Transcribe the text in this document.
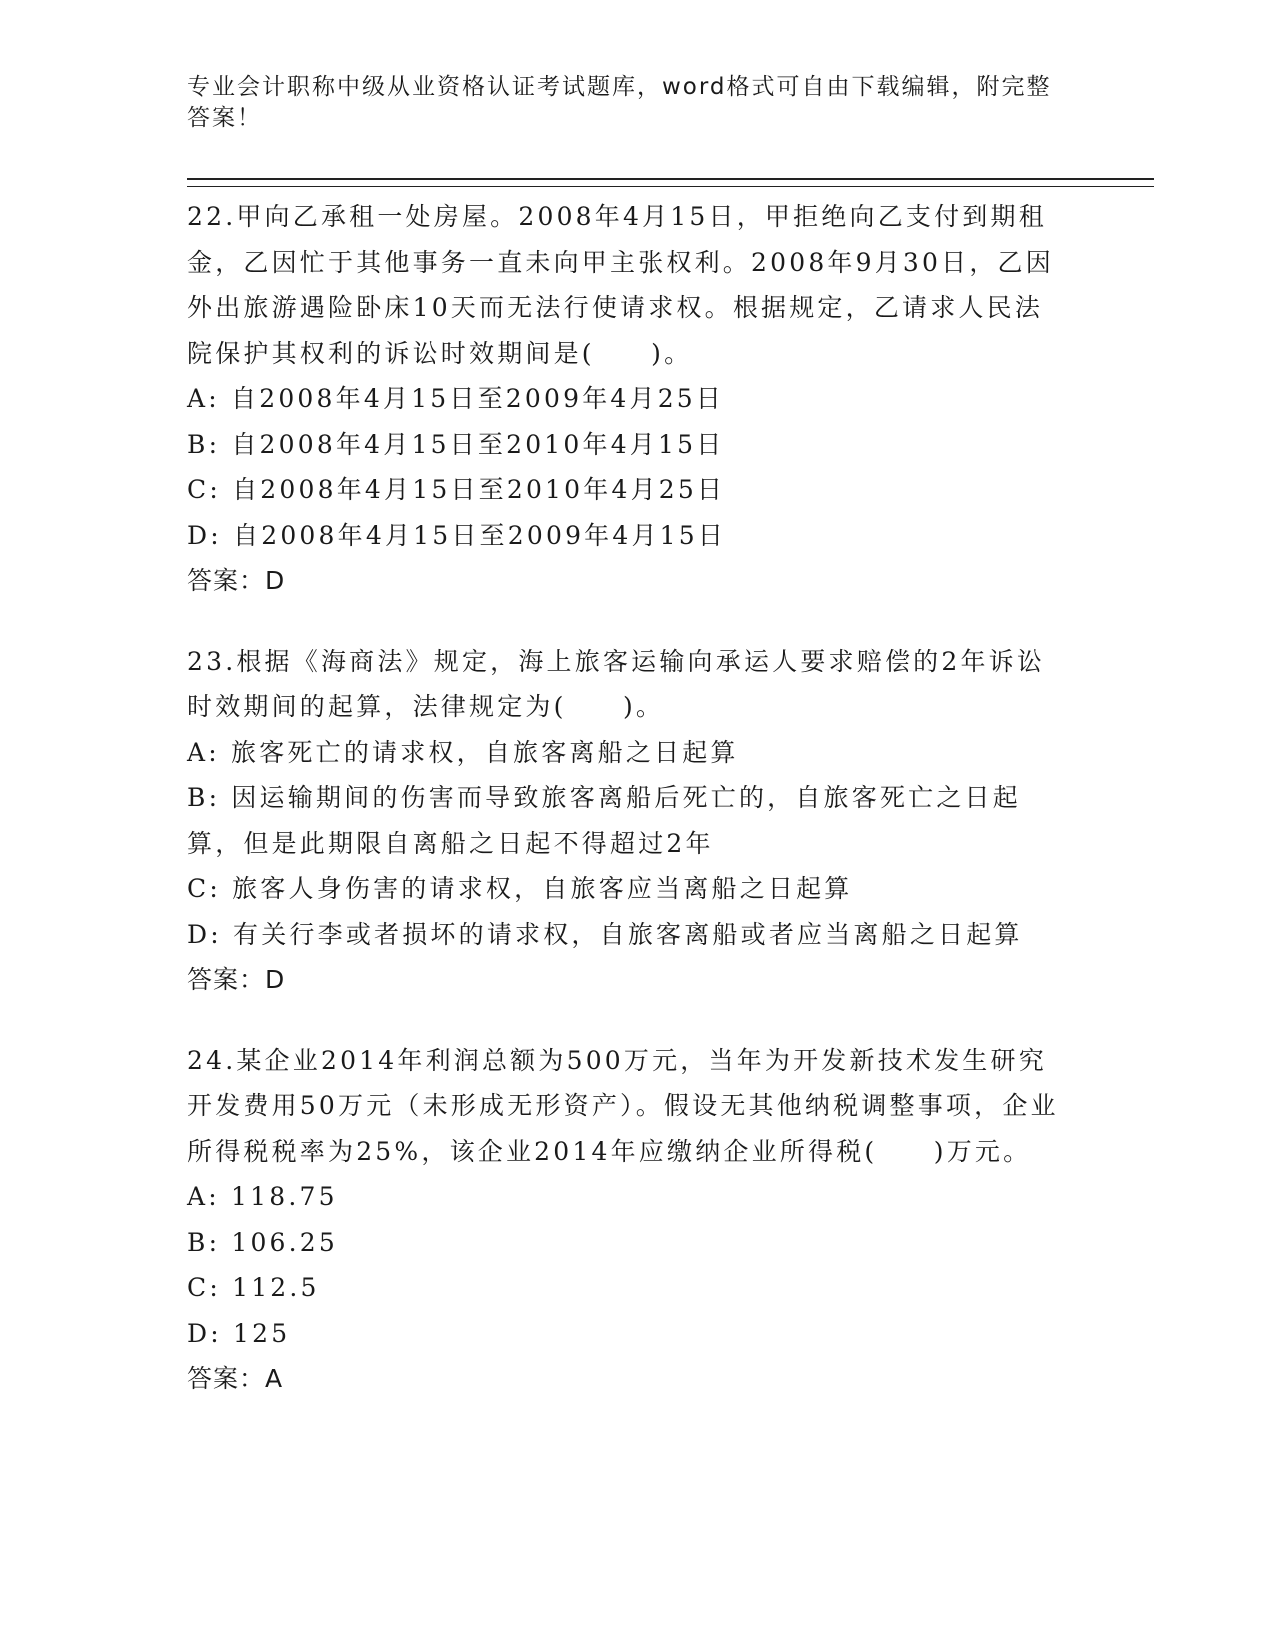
专业会计职称中级从业资格认证考试题库，word格式可自由下载编辑，附完整答案！

22.甲向乙承租一处房屋。2008年4月15日，甲拒绝向乙支付到期租金，乙因忙于其他事务一直未向甲主张权利。2008年9月30日，乙因外出旅游遇险卧床10天而无法行使请求权。根据规定，乙请求人民法院保护其权利的诉讼时效期间是(　　)。

A: 自2008年4月15日至2009年4月25日

B: 自2008年4月15日至2010年4月15日

C: 自2008年4月15日至2010年4月25日

D: 自2008年4月15日至2009年4月15日

答案：D

23.根据《海商法》规定，海上旅客运输向承运人要求赔偿的2年诉讼时效期间的起算，法律规定为(　　)。

A: 旅客死亡的请求权，自旅客离船之日起算

B: 因运输期间的伤害而导致旅客离船后死亡的，自旅客死亡之日起算，但是此期限自离船之日起不得超过2年

C: 旅客人身伤害的请求权，自旅客应当离船之日起算

D: 有关行李或者损坏的请求权，自旅客离船或者应当离船之日起算

答案：D

24.某企业2014年利润总额为500万元，当年为开发新技术发生研究开发费用50万元（未形成无形资产）。假设无其他纳税调整事项，企业所得税税率为25%，该企业2014年应缴纳企业所得税(　　)万元。

A: 118.75

B: 106.25

C: 112.5

D: 125

答案：A
